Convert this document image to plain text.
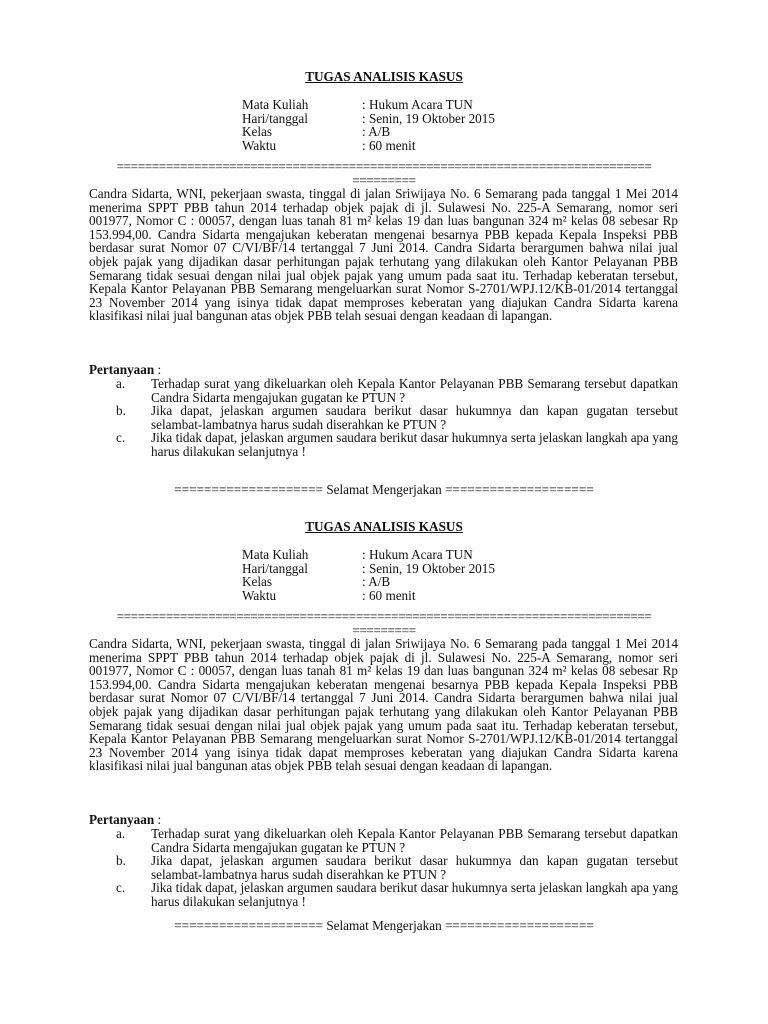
TUGAS ANALISIS KASUS
Mata Kuliah	: Hukum Acara TUN
Hari/tanggal	: Senin, 19 Oktober 2015
Kelas	: A/B
Waktu	: 60 menit
============================================================================
=========

Candra Sidarta, WNI, pekerjaan swasta, tinggal di jalan Sriwijaya No. 6 Semarang pada tanggal 1 Mei 2014 menerima SPPT PBB tahun 2014 terhadap objek pajak di jl. Sulawesi No. 225-A Semarang, nomor seri 001977, Nomor C : 00057, dengan luas tanah 81 m² kelas 19 dan luas bangunan 324 m² kelas 08 sebesar Rp 153.994,00. Candra Sidarta mengajukan keberatan mengenai besarnya PBB kepada Kepala Inspeksi PBB berdasar surat Nomor 07 C/VI/BF/14 tertanggal 7 Juni 2014. Candra Sidarta berargumen bahwa nilai jual objek pajak yang dijadikan dasar perhitungan pajak terhutang yang dilakukan oleh Kantor Pelayanan PBB Semarang tidak sesuai dengan nilai jual objek pajak yang umum pada saat itu. Terhadap keberatan tersebut, Kepala Kantor Pelayanan PBB Semarang mengeluarkan surat Nomor S-2701/WPJ.12/KB-01/2014 tertanggal 23 November 2014 yang isinya tidak dapat memproses keberatan yang diajukan Candra Sidarta karena klasifikasi nilai jual bangunan atas objek PBB telah sesuai dengan keadaan di lapangan.

Pertanyaan :
a. Terhadap surat yang dikeluarkan oleh Kepala Kantor Pelayanan PBB Semarang tersebut dapatkan Candra Sidarta mengajukan gugatan ke PTUN ?
b. Jika dapat, jelaskan argumen saudara berikut dasar hukumnya dan kapan gugatan tersebut selambat-lambatnya harus sudah diserahkan ke PTUN ?
c. Jika tidak dapat, jelaskan argumen saudara berikut dasar hukumnya serta jelaskan langkah apa yang harus dilakukan selanjutnya !
==================== Selamat Mengerjakan ====================
TUGAS ANALISIS KASUS
Mata Kuliah	: Hukum Acara TUN
Hari/tanggal	: Senin, 19 Oktober 2015
Kelas	: A/B
Waktu	: 60 menit
============================================================================
=========

Candra Sidarta, WNI, pekerjaan swasta, tinggal di jalan Sriwijaya No. 6 Semarang pada tanggal 1 Mei 2014 menerima SPPT PBB tahun 2014 terhadap objek pajak di jl. Sulawesi No. 225-A Semarang, nomor seri 001977, Nomor C : 00057, dengan luas tanah 81 m² kelas 19 dan luas bangunan 324 m² kelas 08 sebesar Rp 153.994,00. Candra Sidarta mengajukan keberatan mengenai besarnya PBB kepada Kepala Inspeksi PBB berdasar surat Nomor 07 C/VI/BF/14 tertanggal 7 Juni 2014. Candra Sidarta berargumen bahwa nilai jual objek pajak yang dijadikan dasar perhitungan pajak terhutang yang dilakukan oleh Kantor Pelayanan PBB Semarang tidak sesuai dengan nilai jual objek pajak yang umum pada saat itu. Terhadap keberatan tersebut, Kepala Kantor Pelayanan PBB Semarang mengeluarkan surat Nomor S-2701/WPJ.12/KB-01/2014 tertanggal 23 November 2014 yang isinya tidak dapat memproses keberatan yang diajukan Candra Sidarta karena klasifikasi nilai jual bangunan atas objek PBB telah sesuai dengan keadaan di lapangan.

Pertanyaan :
a. Terhadap surat yang dikeluarkan oleh Kepala Kantor Pelayanan PBB Semarang tersebut dapatkan Candra Sidarta mengajukan gugatan ke PTUN ?
b. Jika dapat, jelaskan argumen saudara berikut dasar hukumnya dan kapan gugatan tersebut selambat-lambatnya harus sudah diserahkan ke PTUN ?
c. Jika tidak dapat, jelaskan argumen saudara berikut dasar hukumnya serta jelaskan langkah apa yang harus dilakukan selanjutnya !
==================== Selamat Mengerjakan ====================
